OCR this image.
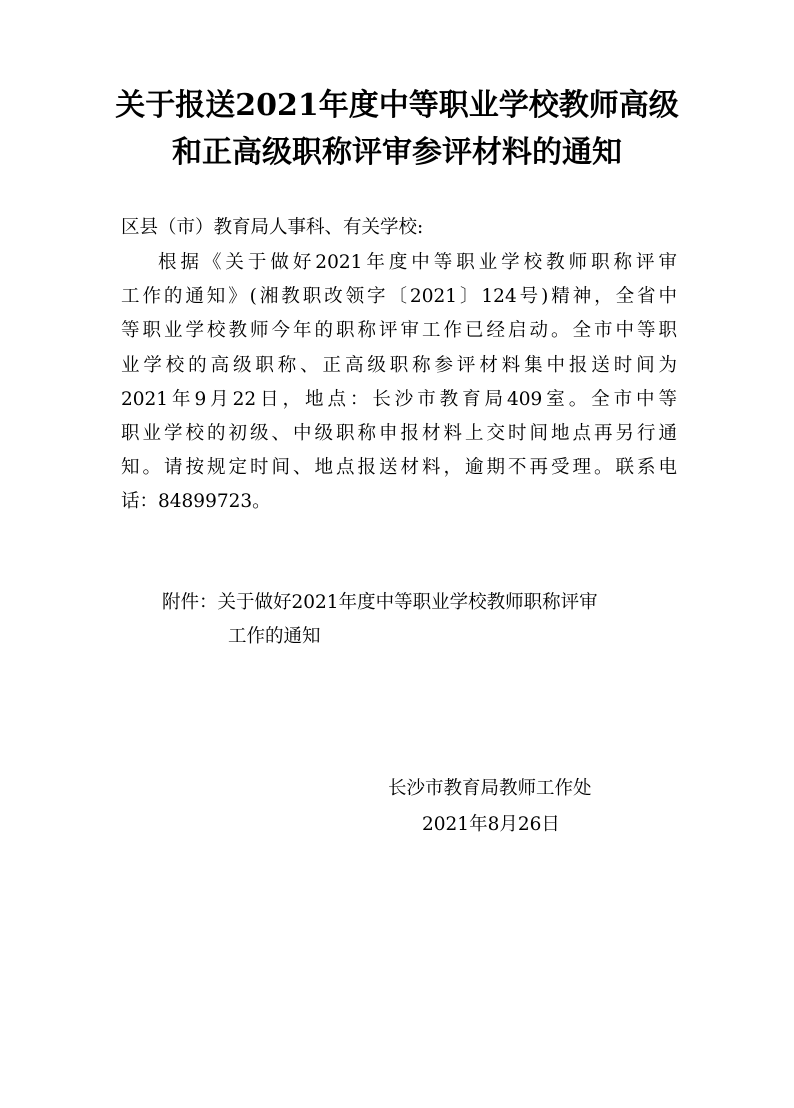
关于报送2021年度中等职业学校教师高级
和正高级职称评审参评材料的通知
区县（市）教育局人事科、有关学校:
根据《关于做好2021年度中等职业学校教师职称评审
工作的通知》(湘教职改领字〔2021〕124号)精神，全省中
等职业学校教师今年的职称评审工作已经启动。全市中等职
业学校的高级职称、正高级职称参评材料集中报送时间为
2021年9月22日，地点：长沙市教育局409室。全市中等
职业学校的初级、中级职称申报材料上交时间地点再另行通
知。请按规定时间、地点报送材料，逾期不再受理。联系电
话：84899723。
附件：关于做好2021年度中等职业学校教师职称评审
工作的通知
长沙市教育局教师工作处
2021年8月26日
